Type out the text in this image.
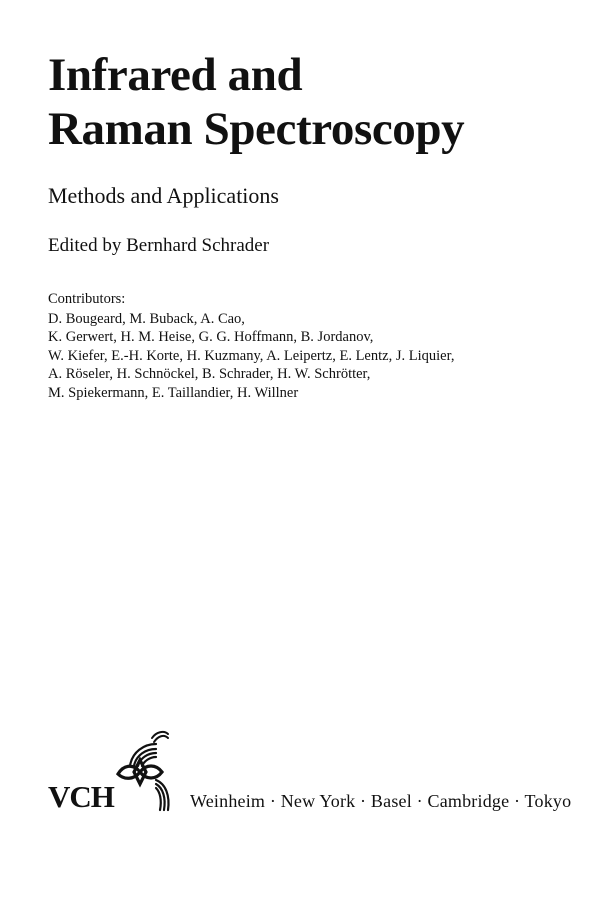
Infrared and
Raman Spectroscopy
Methods and Applications
Edited by Bernhard Schrader
Contributors:
D. Bougeard, M. Buback, A. Cao,
K. Gerwert, H. M. Heise, G. G. Hoffmann, B. Jordanov,
W. Kiefer, E.-H. Korte, H. Kuzmany, A. Leipertz, E. Lentz, J. Liquier,
A. Röseler, H. Schnöckel, B. Schrader, H. W. Schrötter,
M. Spiekermann, E. Taillandier, H. Willner
VCH	Weinheim · New York · Basel · Cambridge · Tokyo
